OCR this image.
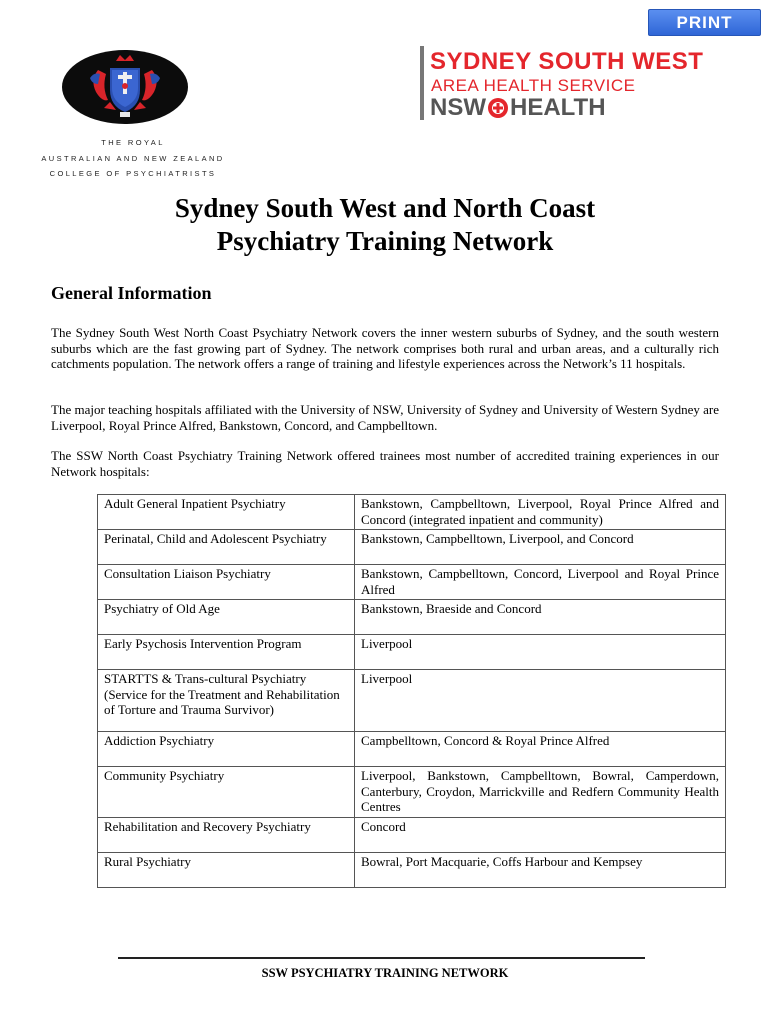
PRINT
THE ROYAL
AUSTRALIAN AND NEW ZEALAND
COLLEGE OF PSYCHIATRISTS
SYDNEY SOUTH WEST
AREA HEALTH SERVICE
NSW HEALTH
Sydney South West and North Coast
Psychiatry Training Network
General Information

The Sydney South West North Coast Psychiatry Network covers the inner western suburbs of Sydney, and the south western suburbs which are the fast growing part of Sydney. The network comprises both rural and urban areas, and a culturally rich catchments population. The network offers a range of training and lifestyle experiences across the Network’s 11 hospitals.

The major teaching hospitals affiliated with the University of NSW, University of Sydney and University of Western Sydney are Liverpool, Royal Prince Alfred, Bankstown, Concord, and Campbelltown.

The SSW North Coast Psychiatry Training Network offered trainees most number of accredited training experiences in our Network hospitals:

Adult General Inpatient Psychiatry	Bankstown, Campbelltown, Liverpool, Royal Prince Alfred and Concord (integrated inpatient and community)
Perinatal, Child and Adolescent Psychiatry	Bankstown, Campbelltown, Liverpool, and Concord
Consultation Liaison Psychiatry	Bankstown, Campbelltown, Concord, Liverpool and Royal Prince Alfred
Psychiatry of Old Age	Bankstown, Braeside and Concord
Early Psychosis Intervention Program	Liverpool
STARTTS & Trans-cultural Psychiatry (Service for the Treatment and Rehabilitation of Torture and Trauma Survivor)	Liverpool
Addiction Psychiatry	Campbelltown, Concord & Royal Prince Alfred
Community Psychiatry	Liverpool, Bankstown, Campbelltown, Bowral, Camperdown, Canterbury, Croydon, Marrickville and Redfern Community Health Centres
Rehabilitation and Recovery Psychiatry	Concord
Rural Psychiatry	Bowral, Port Macquarie, Coffs Harbour and Kempsey
SSW PSYCHIATRY TRAINING NETWORK
